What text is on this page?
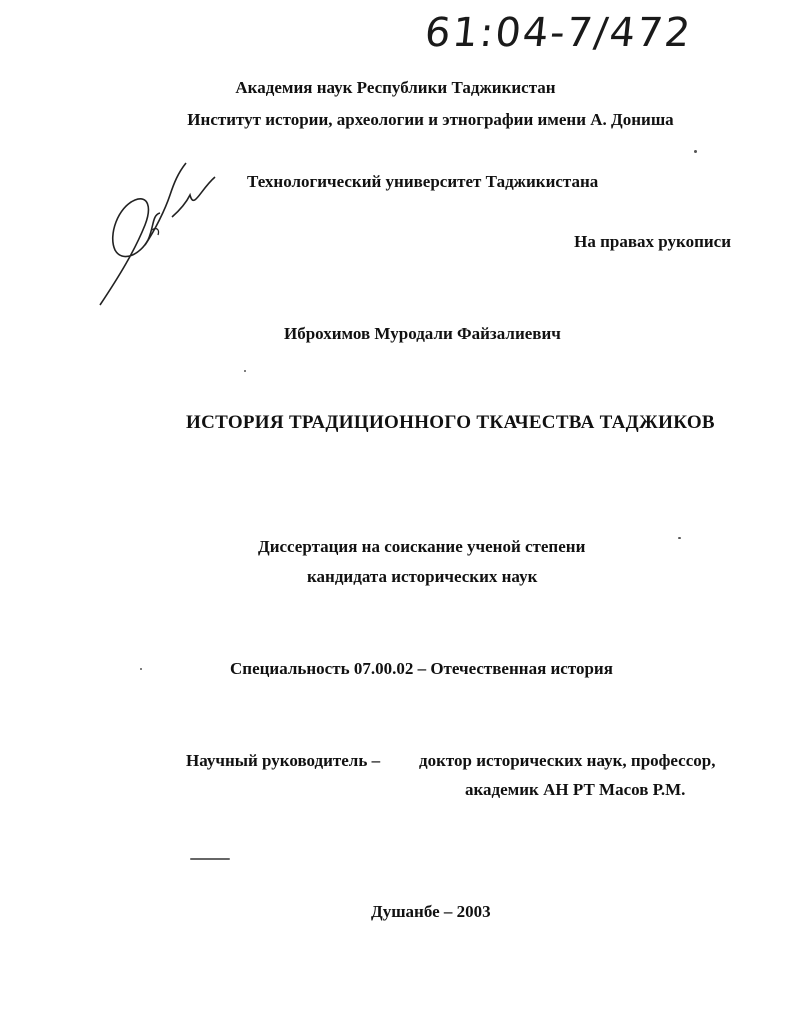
61:04-7/472
Академия наук Республики Таджикистан
Институт истории, археологии и этнографии имени А. Дониша
Технологический университет Таджикистана
На правах рукописи
Иброхимов Муродали Файзалиевич
ИСТОРИЯ ТРАДИЦИОННОГО ТКАЧЕСТВА ТАДЖИКОВ
Диссертация на соискание ученой степени
кандидата исторических наук
Специальность 07.00.02 – Отечественная история
Научный руководитель – доктор исторических наук, профессор,
академик АН РТ Масов Р.М.
Душанбе – 2003
